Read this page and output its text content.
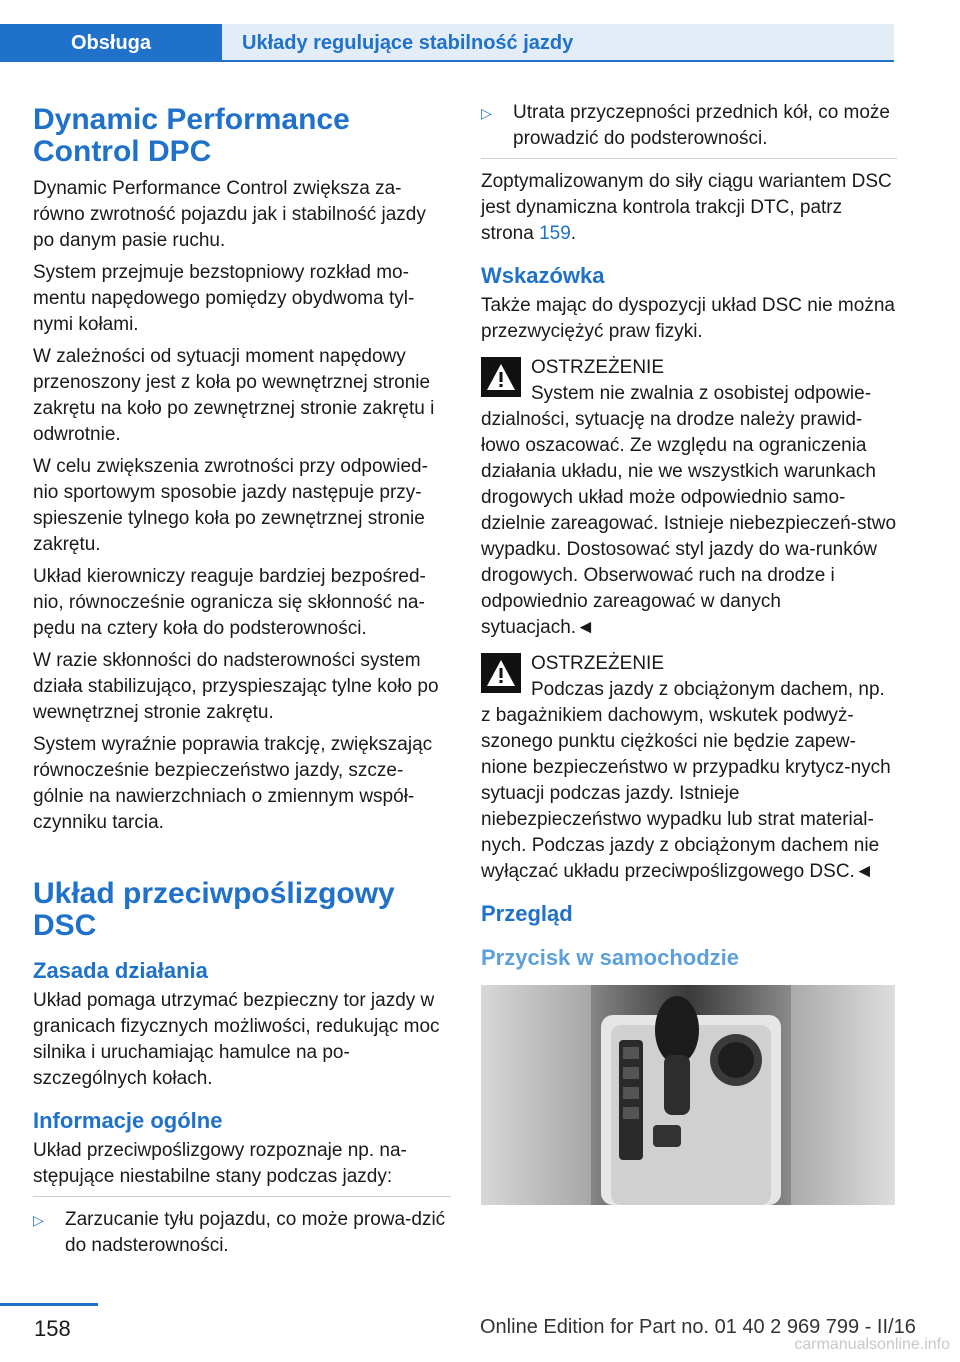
Obsługa	Układy regulujące stabilność jazdy
Dynamic Performance Control DPC

Dynamic Performance Control zwiększa za-równo zwrotność pojazdu jak i stabilność jazdy po danym pasie ruchu.

System przejmuje bezstopniowy rozkład mo-mentu napędowego pomiędzy obydwoma tyl-nymi kołami.

W zależności od sytuacji moment napędowy przenoszony jest z koła po wewnętrznej stronie zakrętu na koło po zewnętrznej stronie zakrętu i odwrotnie.

W celu zwiększenia zwrotności przy odpowied-nio sportowym sposobie jazdy następuje przy-spieszenie tylnego koła po zewnętrznej stronie zakrętu.

Układ kierowniczy reaguje bardziej bezpośred-nio, równocześnie ogranicza się skłonność na-pędu na cztery koła do podsterowności.

W razie skłonności do nadsterowności system działa stabilizująco, przyspieszając tylne koło po wewnętrznej stronie zakrętu.

System wyraźnie poprawia trakcję, zwiększając równocześnie bezpieczeństwo jazdy, szcze-gólnie na nawierzchniach o zmiennym współ-czynniku tarcia.

Układ przeciwpoślizgowy DSC
Zasada działania

Układ pomaga utrzymać bezpieczny tor jazdy w granicach fizycznych możliwości, redukując moc silnika i uruchamiając hamulce na po-szczególnych kołach.

Informacje ogólne

Układ przeciwpoślizgowy rozpoznaje np. na-stępujące niestabilne stany podczas jazdy:

▷ Zarzucanie tyłu pojazdu, co może prowa-dzić do nadsterowności.
▷ Utrata przyczepności przednich kół, co może prowadzić do podsterowności.

Zoptymalizowanym do siły ciągu wariantem DSC jest dynamiczna kontrola trakcji DTC, patrz strona 159.

Wskazówka

Także mając do dyspozycji układ DSC nie można przezwyciężyć praw fizyki.

OSTRZEŻENIE
System nie zwalnia z osobistej odpowie-dzialności, sytuację na drodze należy prawid-łowo oszacować. Ze względu na ograniczenia działania układu, nie we wszystkich warunkach drogowych układ może odpowiednio samo-dzielnie zareagować. Istnieje niebezpieczeń-stwo wypadku. Dostosować styl jazdy do wa-runków drogowych. Obserwować ruch na drodze i odpowiednio zareagować w danych sytuacjach.◄
OSTRZEŻENIE
Podczas jazdy z obciążonym dachem, np. z bagażnikiem dachowym, wskutek podwyż-szonego punktu ciężkości nie będzie zapew-nione bezpieczeństwo w przypadku krytycz-nych sytuacji podczas jazdy. Istnieje niebezpieczeństwo wypadku lub strat material-nych. Podczas jazdy z obciążonym dachem nie wyłączać układu przeciwpoślizgowego DSC.◄
Przegląd
Przycisk w samochodzie
158	Online Edition for Part no. 01 40 2 969 799 - II/16
carmanualsonline.info
